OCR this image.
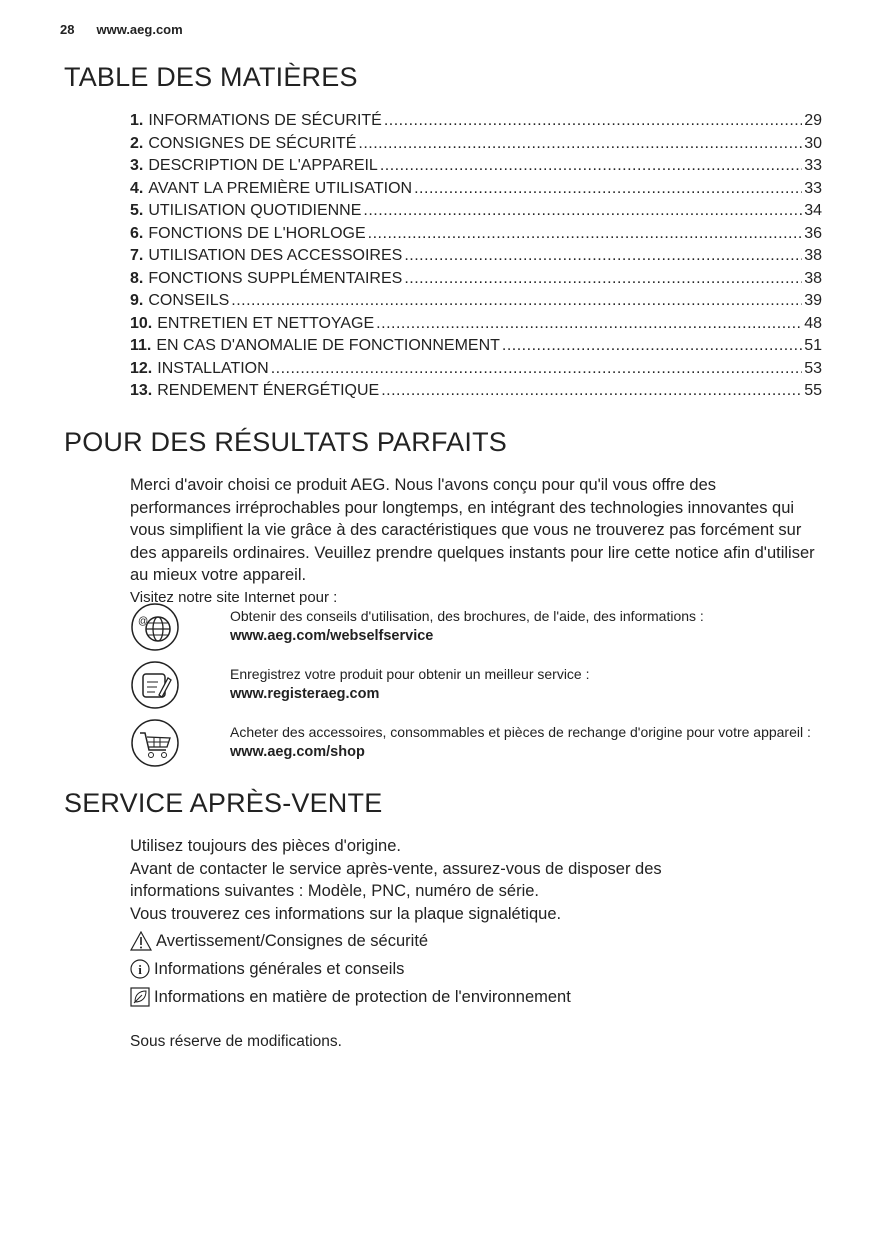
28 www.aeg.com
TABLE DES MATIÈRES
1. INFORMATIONS DE SÉCURITÉ .....	29
2. CONSIGNES DE SÉCURITÉ .....	30
3. DESCRIPTION DE L'APPAREIL .....	33
4. AVANT LA PREMIÈRE UTILISATION .....	33
5. UTILISATION QUOTIDIENNE .....	34
6. FONCTIONS DE L'HORLOGE .....	36
7. UTILISATION DES ACCESSOIRES .....	38
8. FONCTIONS SUPPLÉMENTAIRES .....	38
9. CONSEILS .....	39
10. ENTRETIEN ET NETTOYAGE .....	48
11. EN CAS D'ANOMALIE DE FONCTIONNEMENT .....	51
12. INSTALLATION .....	53
13. RENDEMENT ÉNERGÉTIQUE .....	55
POUR DES RÉSULTATS PARFAITS
Merci d'avoir choisi ce produit AEG. Nous l'avons conçu pour qu'il vous offre des performances irréprochables pour longtemps, en intégrant des technologies innovantes qui vous simplifient la vie grâce à des caractéristiques que vous ne trouverez pas forcément sur des appareils ordinaires. Veuillez prendre quelques instants pour lire cette notice afin d'utiliser au mieux votre appareil.
Visitez notre site Internet pour :
@	Obtenir des conseils d'utilisation, des brochures, de l'aide, des informations :
www.aeg.com/webselfservice
Enregistrez votre produit pour obtenir un meilleur service :
www.registeraeg.com
Acheter des accessoires, consommables et pièces de rechange d'origine pour votre appareil :
www.aeg.com/shop
SERVICE APRÈS-VENTE
Utilisez toujours des pièces d'origine.
Avant de contacter le service après-vente, assurez-vous de disposer des informations suivantes : Modèle, PNC, numéro de série.
Vous trouverez ces informations sur la plaque signalétique.
Avertissement/Consignes de sécurité
i Informations générales et conseils
Informations en matière de protection de l'environnement
Sous réserve de modifications.
